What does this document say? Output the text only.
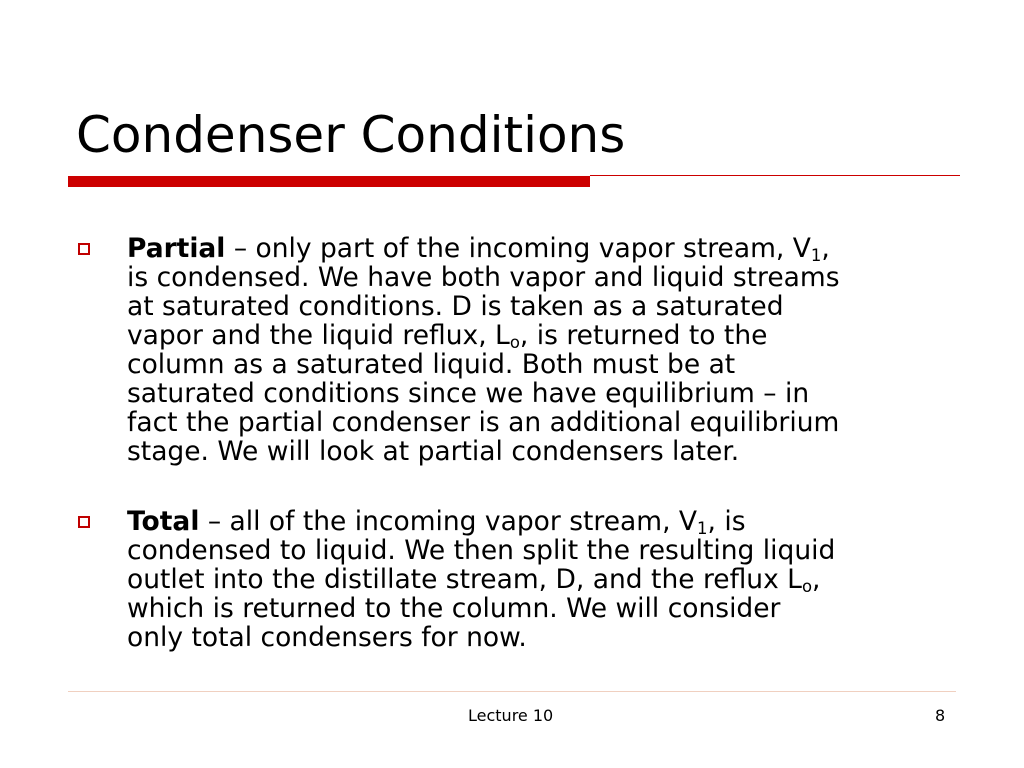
Condenser Conditions
Partial – only part of the incoming vapor stream, $V_1$,
is condensed. We have both vapor and liquid streams
at saturated conditions. D is taken as a saturated
vapor and the liquid reflux, $L_o$, is returned to the
column as a saturated liquid. Both must be at
saturated conditions since we have equilibrium – in
fact the partial condenser is an additional equilibrium
stage. We will look at partial condensers later.
Total – all of the incoming vapor stream, $V_1$, is
condensed to liquid. We then split the resulting liquid
outlet into the distillate stream, D, and the reflux $L_o$,
which is returned to the column. We will consider
only total condensers for now.
Lecture 10	8
